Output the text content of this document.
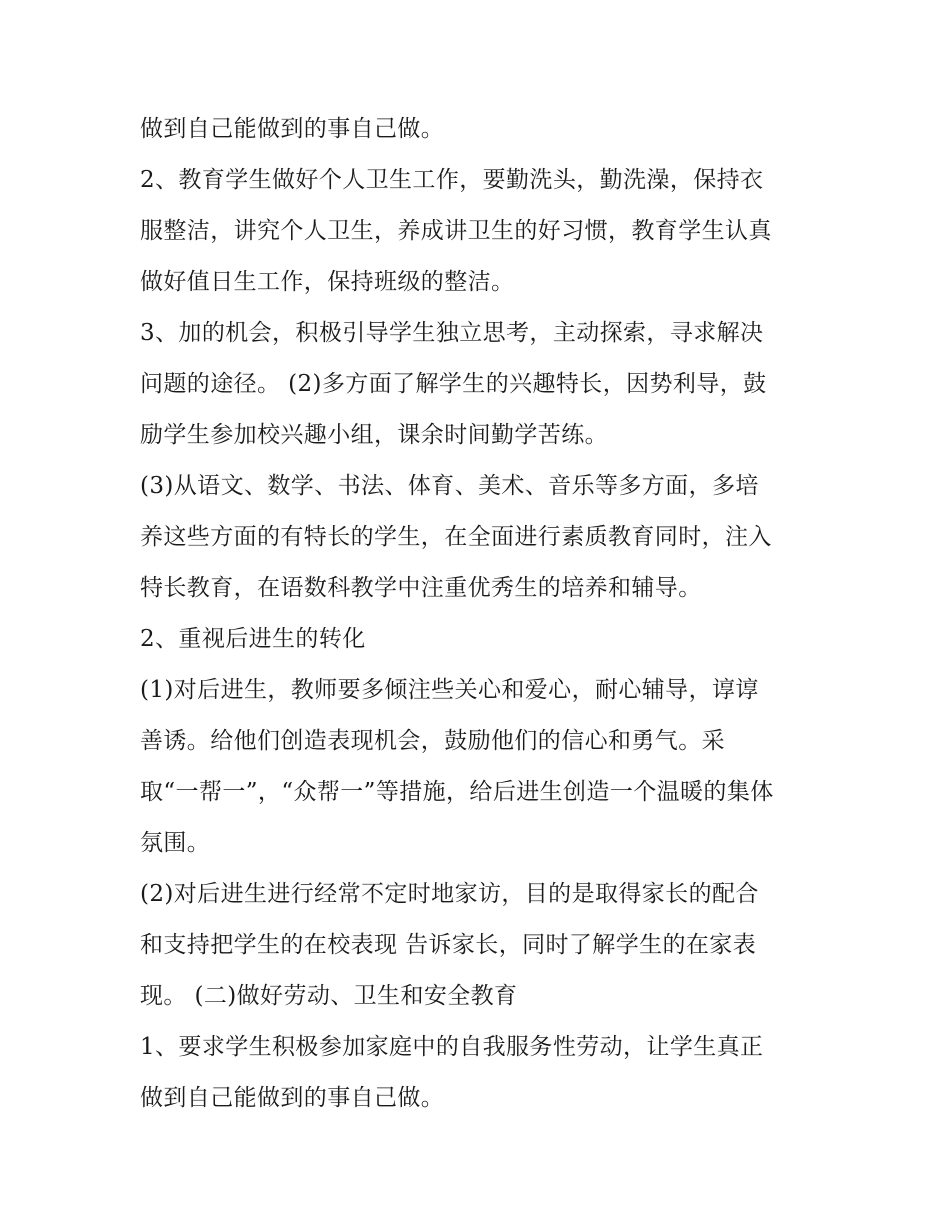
做到自己能做到的事自己做。
2、教育学生做好个人卫生工作，要勤洗头，勤洗澡，保持衣
服整洁，讲究个人卫生，养成讲卫生的好习惯，教育学生认真
做好值日生工作，保持班级的整洁。
3、加的机会，积极引导学生独立思考，主动探索，寻求解决
问题的途径。 (2)多方面了解学生的兴趣特长，因势利导，鼓
励学生参加校兴趣小组，课余时间勤学苦练。
(3)从语文、数学、书法、体育、美术、音乐等多方面，多培
养这些方面的有特长的学生，在全面进行素质教育同时，注入
特长教育，在语数科教学中注重优秀生的培养和辅导。
2、重视后进生的转化
(1)对后进生，教师要多倾注些关心和爱心，耐心辅导，谆谆
善诱。给他们创造表现机会，鼓励他们的信心和勇气。采
取“一帮一”，“众帮一”等措施，给后进生创造一个温暖的集体
氛围。
(2)对后进生进行经常不定时地家访，目的是取得家长的配合
和支持把学生的在校表现 告诉家长，同时了解学生的在家表
现。 (二)做好劳动、卫生和安全教育
1、要求学生积极参加家庭中的自我服务性劳动，让学生真正
做到自己能做到的事自己做。
